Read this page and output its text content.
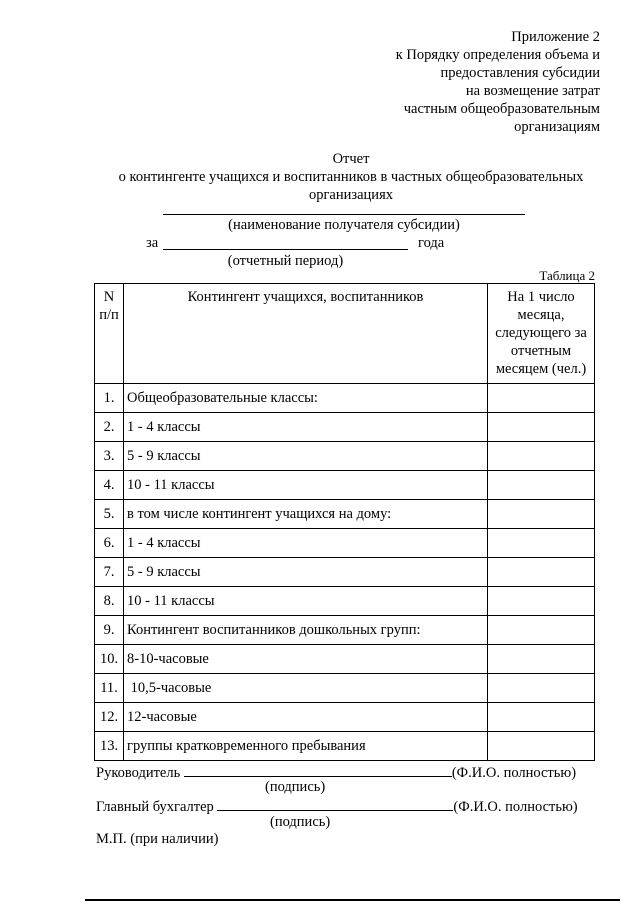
Приложение 2
к Порядку определения объема и
предоставления субсидии
на возмещение затрат
частным общеобразовательным
организациям
Отчет
о контингенте учащихся и воспитанников в частных общеобразовательных
организациях
(наименование получателя субсидии)
за	года
(отчетный период)
Таблица 2
N
п/п	Контингент учащихся, воспитанников	На 1 число
месяца,
следующего за
отчетным
месяцем (чел.)
1.	Общеобразовательные классы:	
2.	1 - 4 классы	
3.	5 - 9 классы	
4.	10 - 11 классы	
5.	в том числе контингент учащихся на дому:	
6.	1 - 4 классы	
7.	5 - 9 классы	
8.	10 - 11 классы	
9.	Контингент воспитанников дошкольных групп:	
10.	8-10-часовые	
11.	10,5-часовые	
12.	12-часовые	
13.	группы кратковременного пребывания	
Руководитель	(Ф.И.О. полностью)
(подпись)
Главный бухгалтер	(Ф.И.О. полностью)
(подпись)
М.П. (при наличии)
